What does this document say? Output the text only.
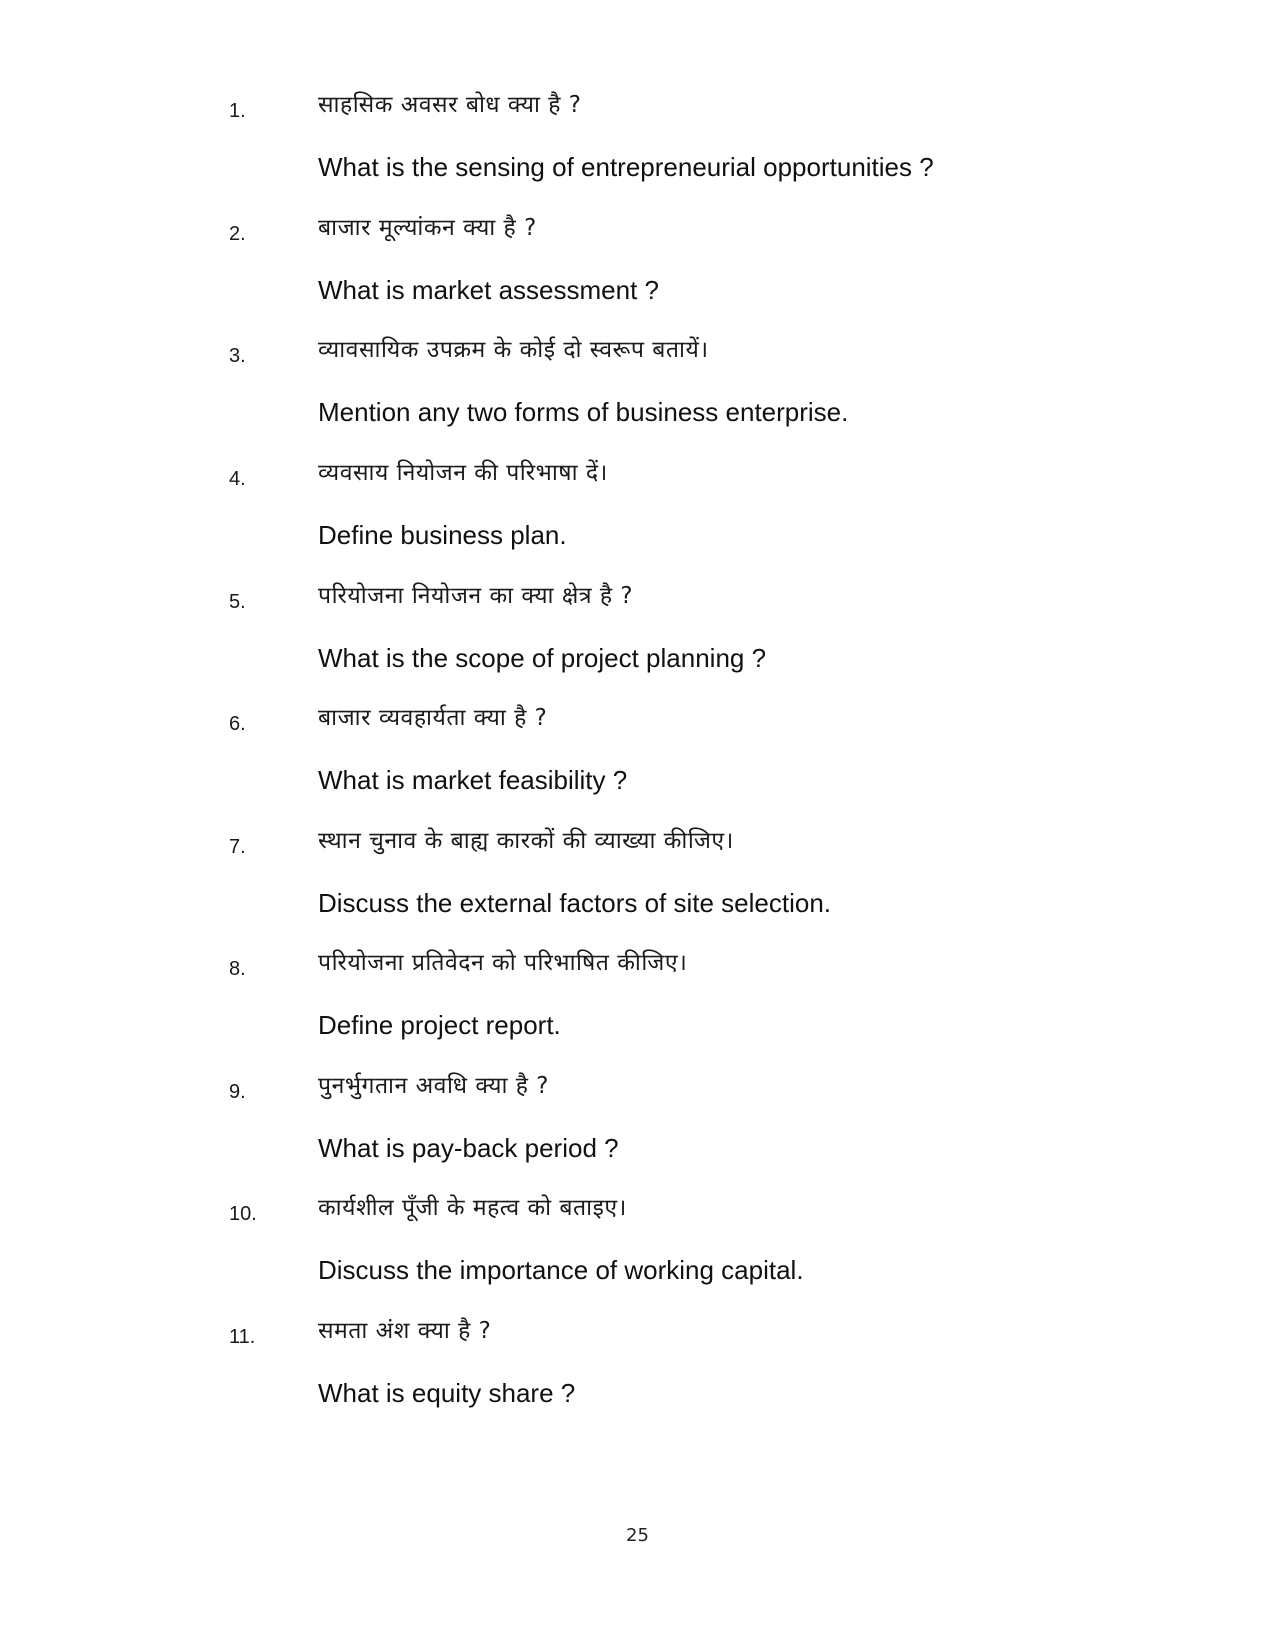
1.	साहसिक अवसर बोध क्या है ?
What is the sensing of entrepreneurial opportunities ?
2.	बाजार मूल्यांकन क्या है ?
What is market assessment ?
3.	व्यावसायिक उपक्रम के कोई दो स्वरूप बतायें।
Mention any two forms of business enterprise.
4.	व्यवसाय नियोजन की परिभाषा दें।
Define business plan.
5.	परियोजना नियोजन का क्या क्षेत्र है ?
What is the scope of project planning ?
6.	बाजार व्यवहार्यता क्या है ?
What is market feasibility ?
7.	स्थान चुनाव के बाह्य कारकों की व्याख्या कीजिए।
Discuss the external factors of site selection.
8.	परियोजना प्रतिवेदन को परिभाषित कीजिए।
Define project report.
9.	पुनर्भुगतान अवधि क्या है ?
What is pay-back period ?
10.	कार्यशील पूँजी के महत्व को बताइए।
Discuss the importance of working capital.
11.	समता अंश क्या है ?
What is equity share ?
25
